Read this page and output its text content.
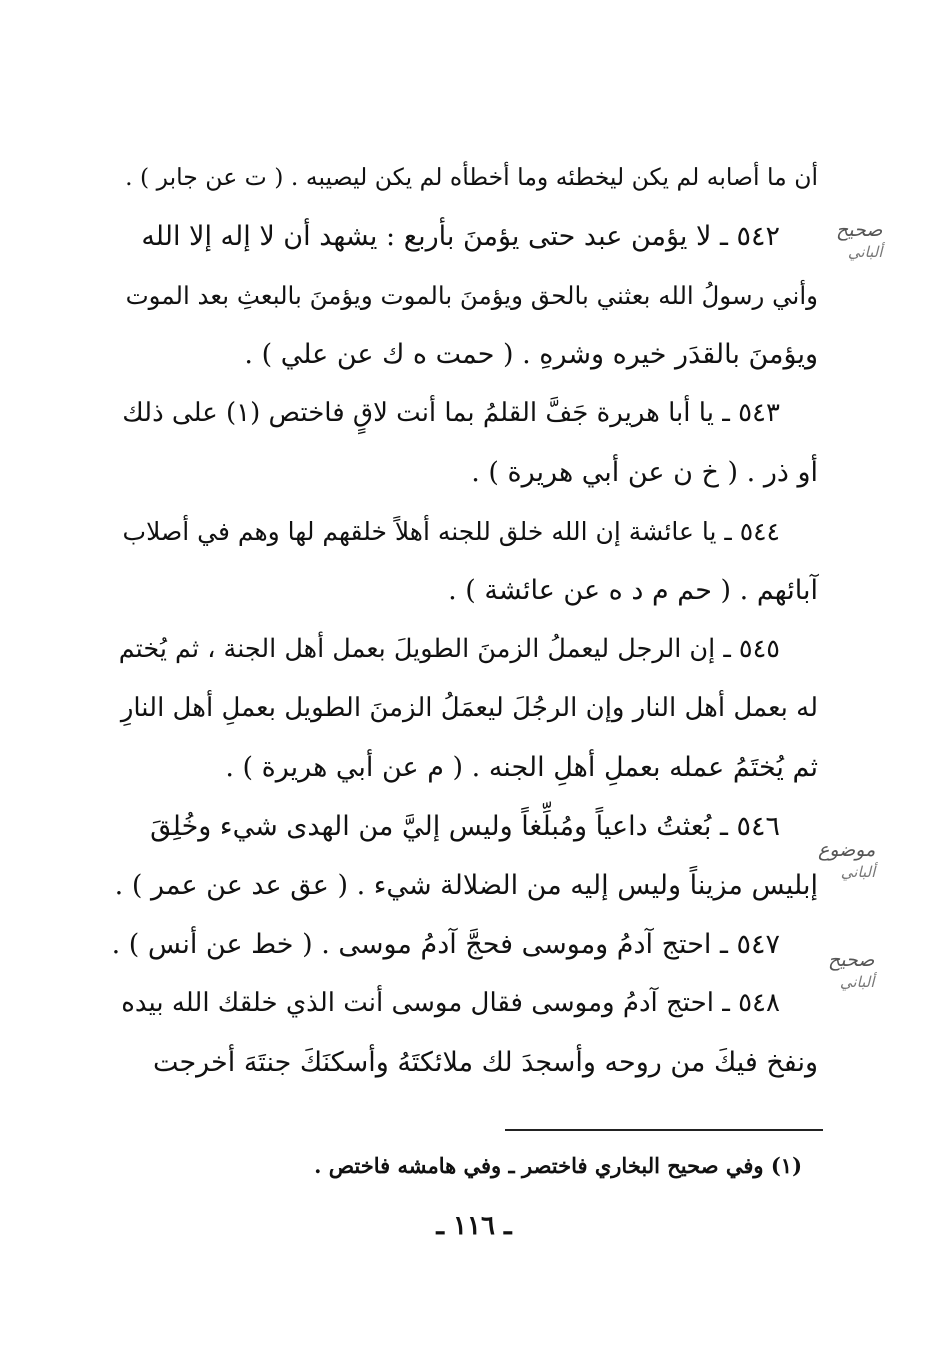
أن ما أصابه لم يكن ليخطئه وما أخطأه لم يكن ليصيبه . ( ت عن جابر ) .
٥٤٢ ـ لا يؤمن عبد حتى يؤمنَ بأربع : يشهد أن لا إله إلا الله
وأني رسولُ الله بعثني بالحق ويؤمنَ بالموت ويؤمنَ بالبعثِ بعد الموت
ويؤمنَ بالقدَر خيره وشرهِ . ( حمت ه ك عن علي ) .
٥٤٣ ـ يا أبا هريرة جَفَّ القلمُ بما أنت لاقٍ فاختص (١) على ذلك
أو ذر . ( خ ن عن أبي هريرة ) .
٥٤٤ ـ يا عائشة إن الله خلق للجنه أهلاً خلقهم لها وهم في أصلاب
آبائهم . ( حم م د ه عن عائشة ) .
٥٤٥ ـ إن الرجل ليعملُ الزمنَ الطويلَ بعمل أهل الجنة ، ثم يُختم
له بعمل أهل النار وإن الرجُلَ ليعمَلُ الزمنَ الطويل بعملِ أهل النارِ
ثم يُختَمُ عمله بعملِ أهلِ الجنه . ( م عن أبي هريرة ) .
٥٤٦ ـ بُعثتُ داعياً ومُبلِّغاً وليس إليَّ من الهدى شيء وخُلِقَ
إبليس مزيناً وليس إليه من الضلالة شيء . ( عق عد عن عمر ) .
٥٤٧ ـ احتج آدمُ وموسى فحجَّ آدمُ موسى . ( خط عن أنس ) .
٥٤٨ ـ احتج آدمُ وموسى فقال موسى أنت الذي خلقك الله بيده
ونفخ فيكَ من روحه وأسجدَ لك ملائكتَهُ وأسكنَكَ جنتَهَ أخرجت
صحيح
ألباني
موضوع
ألباني
صحيح
ألباني
(١) وفي صحيح البخاري فاختصر ـ وفي هامشه فاختص .
ـ ١١٦ ـ
